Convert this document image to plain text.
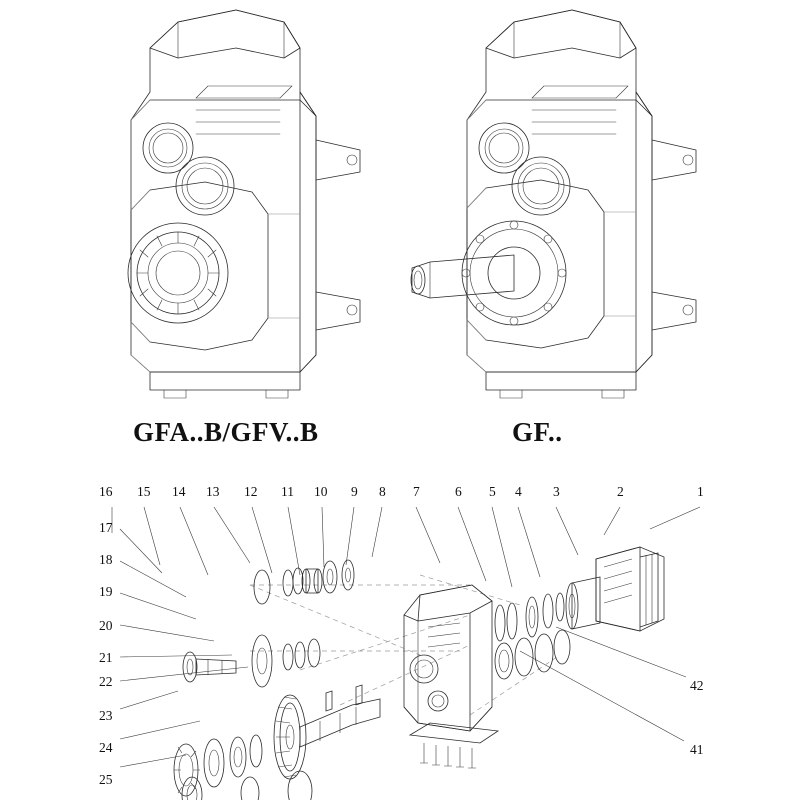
GFA..B/GFV..B	GF..
16 15 14 13 12 11 10 9 8 7	6 5 4 3	2	1
17
18
19
20
21
22
23
24
25
42
41
